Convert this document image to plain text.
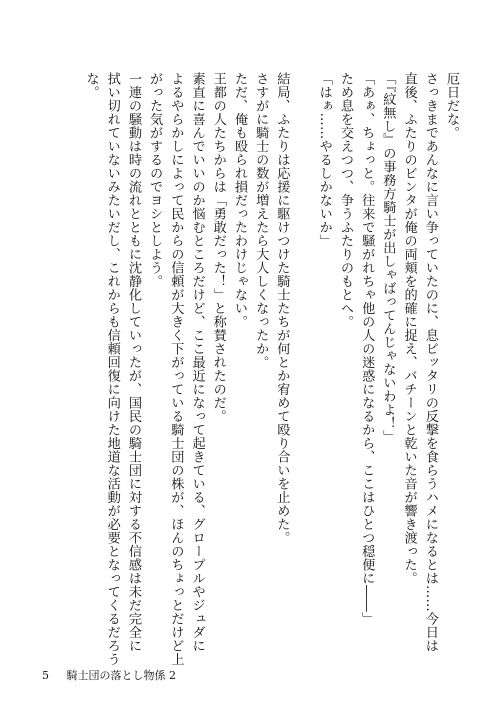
厄日だな。

さっきまであんなに言い争っていたのに、息ピッタリの反撃を食らうハメになるとは……今日は

直後、ふたりのビンタが俺の両頬を的確に捉え、バチーンと乾いた音が響き渡った。

「『紋無し』の事務方騎士が出しゃばってんじゃないわよ！」

「あぁ、ちょっと。往来で騒がれちゃ他の人の迷惑になるから、ここはひとつ穏便に――」

ため息を交えつつ、争うふたりのもとへ。

「はぁ……やるしかないか」

結局、ふたりは応援に駆けつけた騎士たちが何とか宥めて殴り合いを止めた。

さすがに騎士の数が増えたら大人しくなったか。

ただ、俺も殴られ損だったわけじゃない。

王都の人たちからは「勇敢だった！」と称賛されたのだ。

素直に喜んでいいのか悩むところだけど、ここ最近になって起きている、グロープルやジュダに

よるやらかしによって民からの信頼が大きく下がっている騎士団の株が、ほんのちょっとだけど上

がった気がするのでヨシとしよう。

一連の騒動は時の流れとともに沈静化していったが、国民の騎士団に対する不信感は未だ完全に

拭い切れていないみたいだし、これからも信頼回復に向けた地道な活動が必要となってくるだろう

な。

5 騎士団の落とし物係 2
